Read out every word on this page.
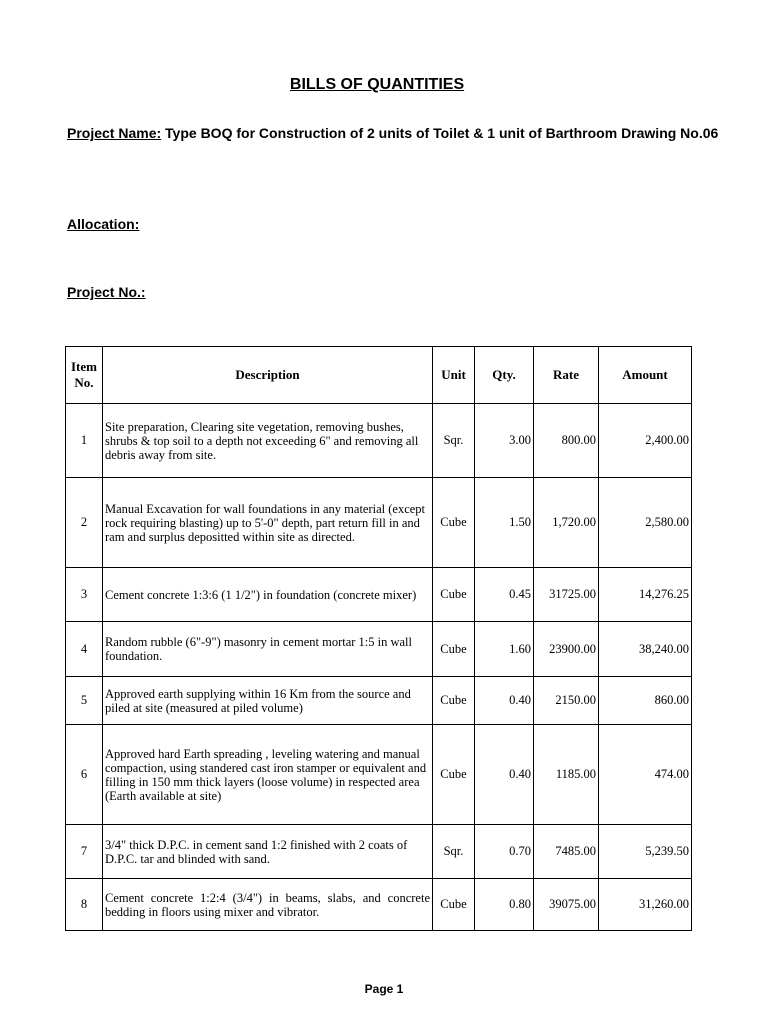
BILLS OF QUANTITIES
Project Name: Type BOQ for Construction of 2 units of Toilet & 1 unit of Barthroom Drawing No.06
Allocation:
Project No.:
Item No.	Description	Unit	Qty.	Rate	Amount
1	Site preparation, Clearing site vegetation, removing bushes, shrubs & top soil to a depth not exceeding 6" and removing all debris away from site.	Sqr.	3.00	800.00	2,400.00
2	Manual Excavation for wall foundations in any material (except rock requiring blasting) up to 5'-0" depth, part return fill in and ram and surplus depositted within site as directed.	Cube	1.50	1,720.00	2,580.00
3	Cement concrete 1:3:6 (1 1/2") in foundation (concrete mixer)	Cube	0.45	31725.00	14,276.25
4	Random rubble (6"-9") masonry in cement mortar 1:5 in wall foundation.	Cube	1.60	23900.00	38,240.00
5	Approved earth supplying within 16 Km from the source and piled at site (measured at piled volume)	Cube	0.40	2150.00	860.00
6	Approved hard Earth spreading , leveling watering and manual compaction, using standered cast iron stamper or equivalent and filling in 150 mm thick layers (loose volume) in respected area (Earth available at site)	Cube	0.40	1185.00	474.00
7	3/4" thick D.P.C. in cement sand 1:2 finished with 2 coats of D.P.C. tar and blinded with sand.	Sqr.	0.70	7485.00	5,239.50
8	Cement concrete 1:2:4 (3/4") in beams, slabs, and concrete bedding in floors using mixer and vibrator.	Cube	0.80	39075.00	31,260.00
Page 1
